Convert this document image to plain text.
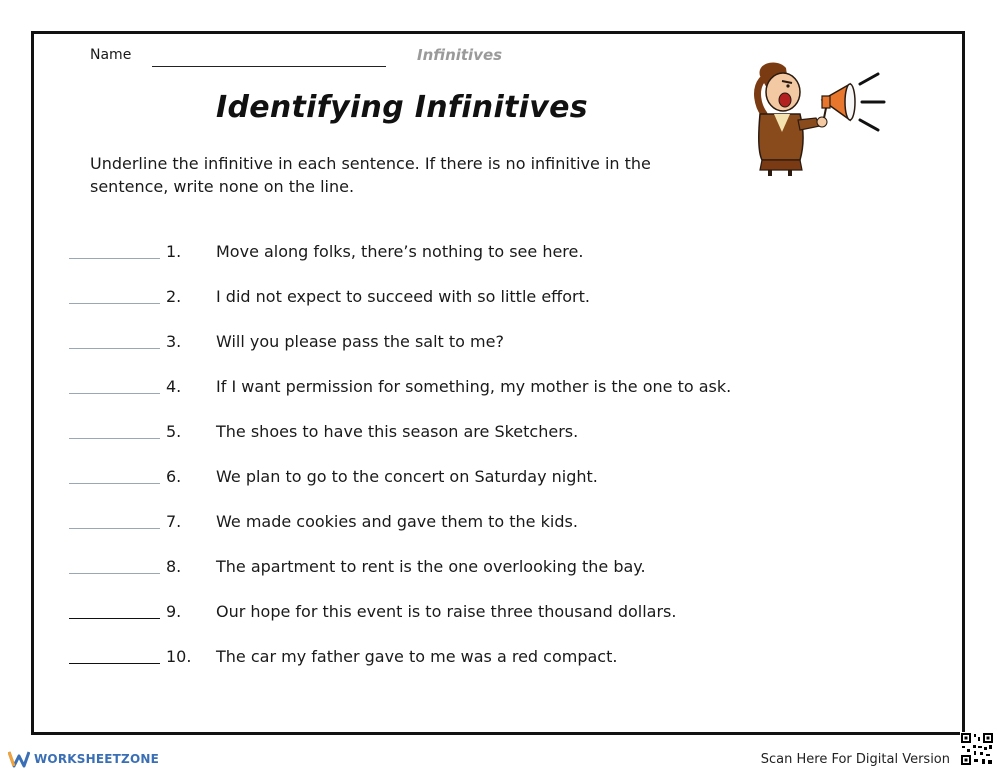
Name	Infinitives
Identifying Infinitives
Underline the infinitive in each sentence. If there is no infinitive in the sentence, write none on the line.
1. Move along folks, there’s nothing to see here.
2. I did not expect to succeed with so little effort.
3. Will you please pass the salt to me?
4. If I want permission for something, my mother is the one to ask.
5. The shoes to have this season are Sketchers.
6. We plan to go to the concert on Saturday night.
7. We made cookies and gave them to the kids.
8. The apartment to rent is the one overlooking the bay.
9. Our hope for this event is to raise three thousand dollars.
10. The car my father gave to me was a red compact.
WORKSHEETZONE	Scan Here For Digital Version
